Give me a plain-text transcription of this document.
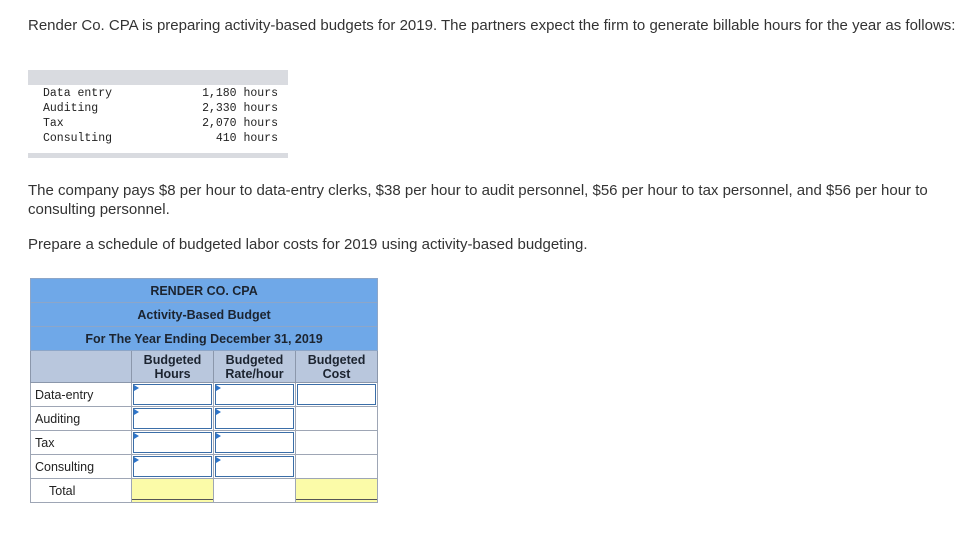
Render Co. CPA is preparing activity-based budgets for 2019. The partners expect the firm to generate billable hours for the year as follows:

Data entry	1,180 hours
Auditing	2,330 hours
Tax	2,070 hours
Consulting	410 hours

The company pays $8 per hour to data-entry clerks, $38 per hour to audit personnel, $56 per hour to tax personnel, and $56 per hour to consulting personnel.

Prepare a schedule of budgeted labor costs for 2019 using activity-based budgeting.

RENDER CO. CPA			
Activity-Based Budget			
For The Year Ending December 31, 2019			
	Budgeted Hours	Budgeted Rate/hour	Budgeted Cost
Data-entry	

Auditing	

Tax	

Consulting	

Total	
